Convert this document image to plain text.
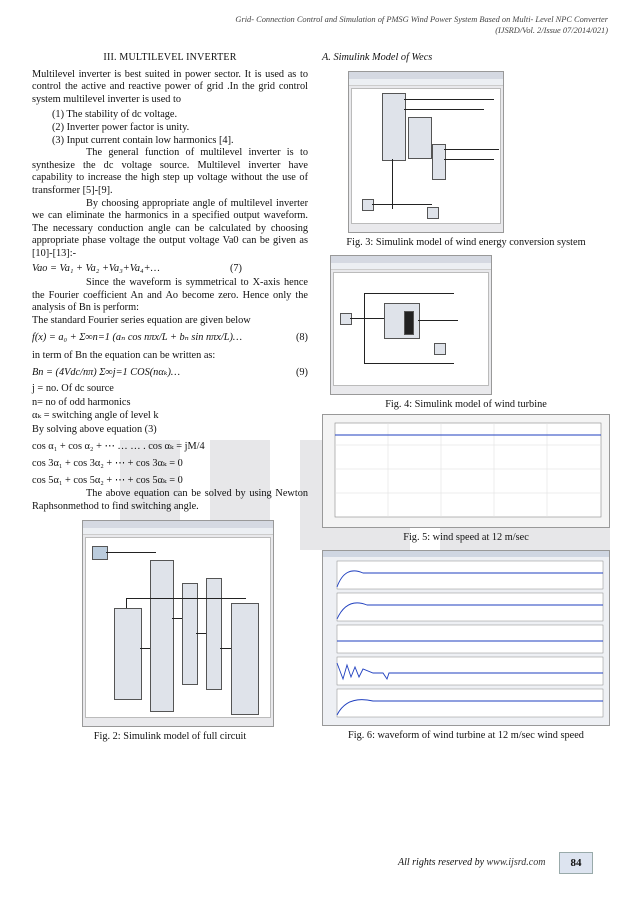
Grid- Connection Control and Simulation of PMSG Wind Power System Based on Multi- Level NPC Converter
(IJSRD/Vol. 2/Issue 07/2014/021)
III. MULTILEVEL INVERTER

Multilevel inverter is best suited in power sector. It is used as to control the active and reactive power of grid .In the grid control system multilevel inverter is used to

(1) The stability of dc voltage.
(2) Inverter power factor is unity.
(3) Input current contain low harmonics [4].

The general function of multilevel inverter is to synthesize the dc voltage source. Multilevel inverter have capability to increase the high step up voltage without the use of transformer [5]-[9].

By choosing appropriate angle of multilevel inverter we can eliminate the harmonics in a specified output waveform. The necessary conduction angle can be calculated by choosing appropriate phase voltage the output voltage Va0 can be given as [10]-[13]:-

Vao = Va₁ + Va₂ +Va₃+Va₄+…	(7)

Since the waveform is symmetrical to X-axis hence the Fourier coefficient An and Ao become zero. Hence only the analysis of Bn is perform:

The standard Fourier series equation are given below

f(x) = a₀ + Σ∞n=1 (aₙ cos nπx/L + bₙ sin nπx/L)…	(8)

in term of Bn the equation can be written as:

Bn = (4Vdc/nπ) Σ∞j=1 COS(nαₖ)…	(9)
j = no. Of dc source
n= no of odd harmonics
αₖ = switching angle of level k
By solving above equation (3)
cos α₁ + cos α₂ + ⋯ … … . cos αₖ = jM/4
cos 3α₁ + cos 3α₂ + ⋯ + cos 3αₖ = 0
cos 5α₁ + cos 5α₂ + ⋯ + cos 5αₖ = 0

The above equation can be solved by using Newton Raphsonmethod to find switching angle.

Fig. 2: Simulink model of full circuit
A. Simulink Model of Wecs
Fig. 3: Simulink model of wind energy conversion system
Fig. 4: Simulink model of wind turbine
Fig. 5: wind speed at 12 m/sec
Fig. 6: waveform of wind turbine at 12 m/sec wind speed
All rights reserved by www.ijsrd.com	84
